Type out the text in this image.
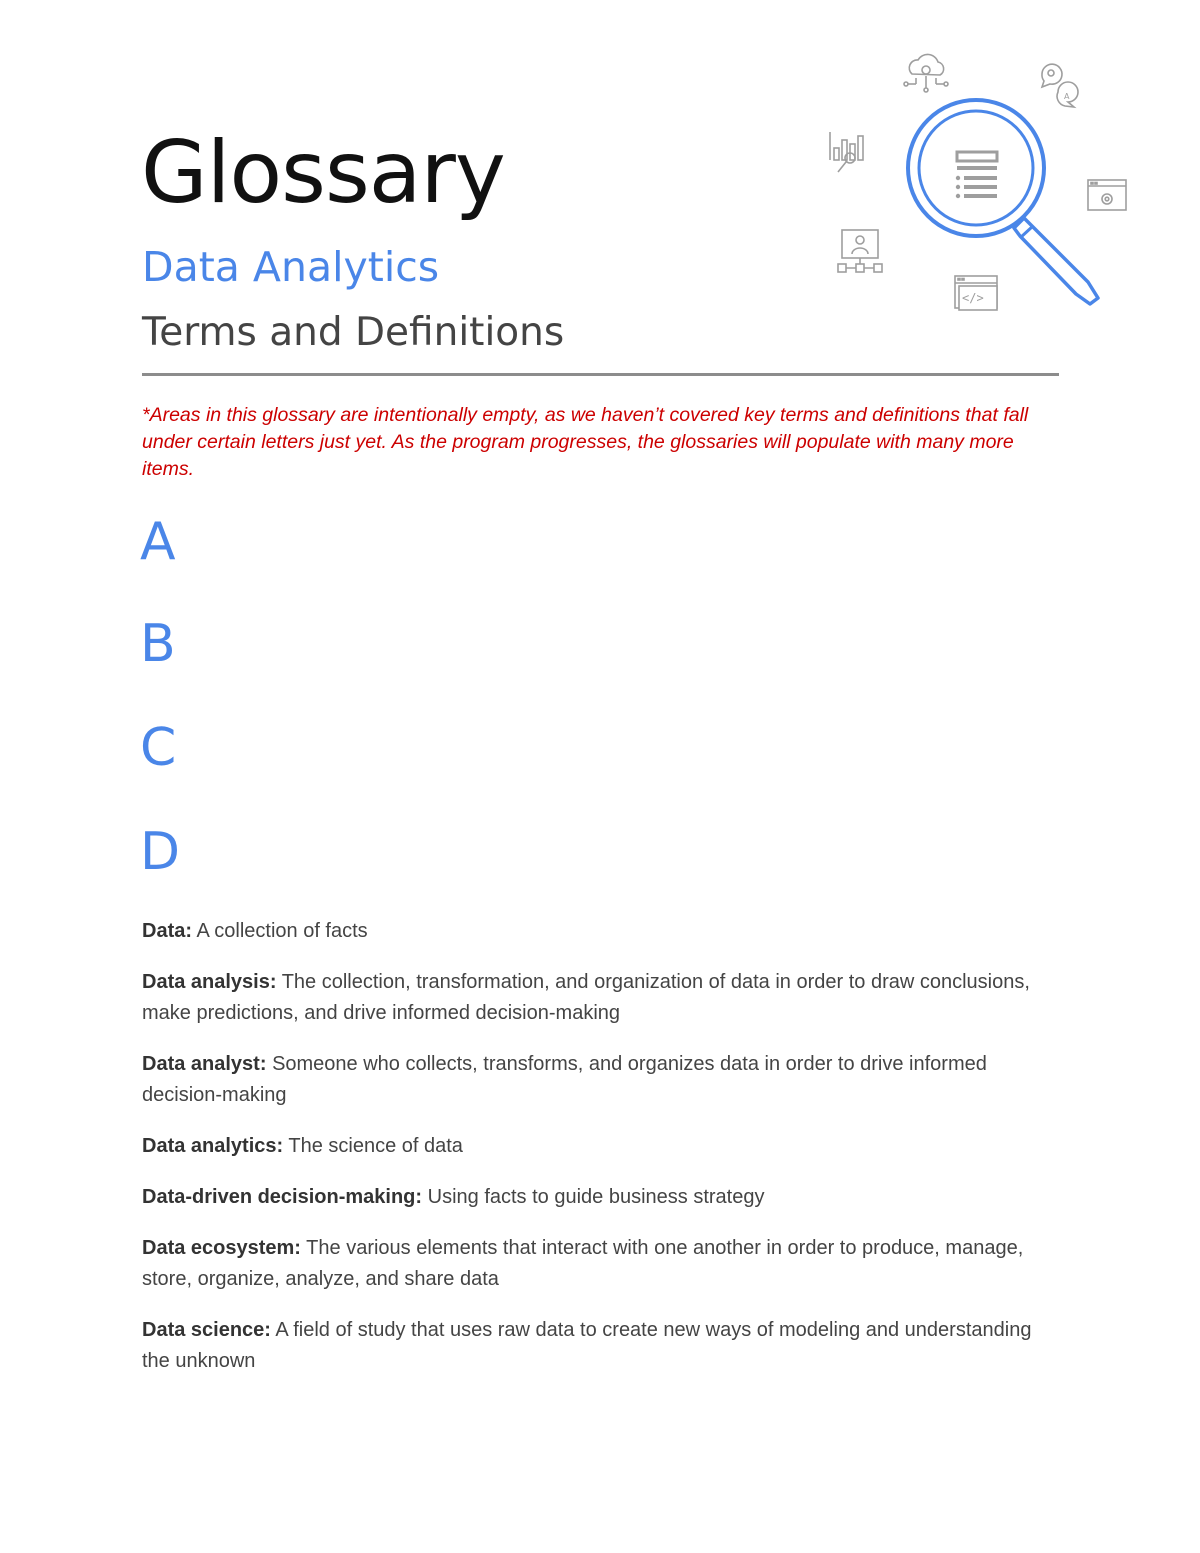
Glossary
Data Analytics
Terms and Definitions
A
</>

*Areas in this glossary are intentionally empty, as we haven’t covered key terms and definitions that fall under certain letters just yet. As the program progresses, the glossaries will populate with many more items.

A
B
C
D

Data: A collection of facts

Data analysis: The collection, transformation, and organization of data in order to draw conclusions, make predictions, and drive informed decision-making

Data analyst: Someone who collects, transforms, and organizes data in order to drive informed decision-making

Data analytics: The science of data

Data-driven decision-making: Using facts to guide business strategy

Data ecosystem: The various elements that interact with one another in order to produce, manage, store, organize, analyze, and share data

Data science: A field of study that uses raw data to create new ways of modeling and understanding the unknown
